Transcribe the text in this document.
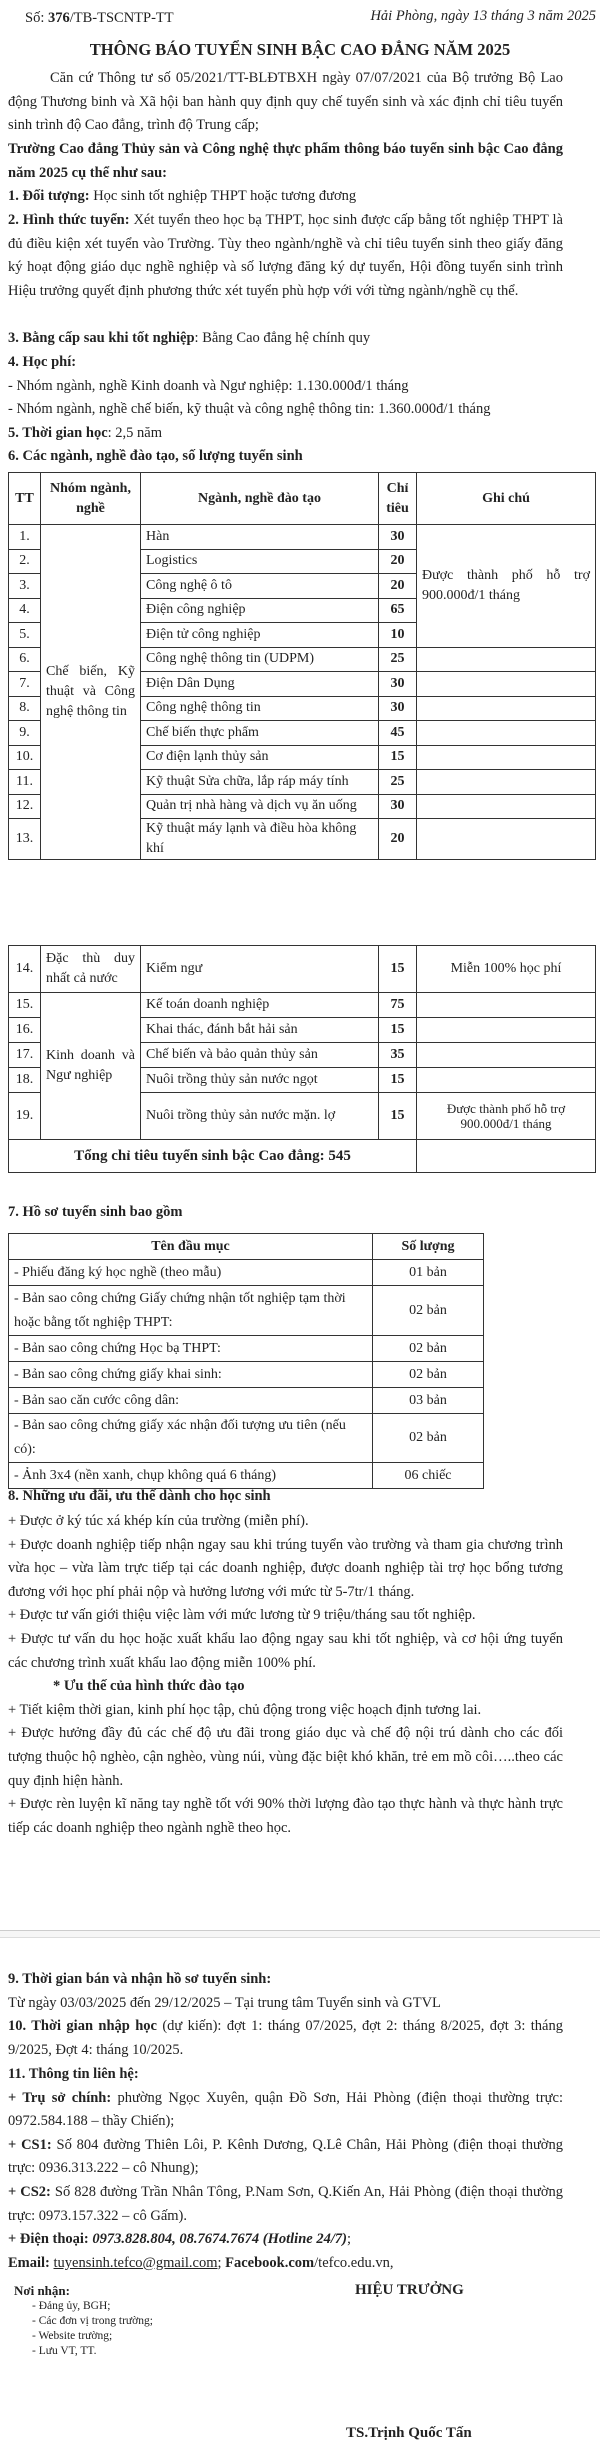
Số: 376/TB-TSCNTP-TT	Hải Phòng, ngày 13 tháng 3 năm 2025
THÔNG BÁO TUYỂN SINH BẬC CAO ĐẲNG NĂM 2025
Căn cứ Thông tư số 05/2021/TT-BLĐTBXH ngày 07/07/2021 của Bộ trưởng Bộ Lao động Thương binh và Xã hội ban hành quy định quy chế tuyển sinh và xác định chỉ tiêu tuyển sinh trình độ Cao đẳng, trình độ Trung cấp;
Trường Cao đẳng Thủy sản và Công nghệ thực phẩm thông báo tuyển sinh bậc Cao đẳng năm 2025 cụ thể như sau:
1. Đối tượng: Học sinh tốt nghiệp THPT hoặc tương đương
2. Hình thức tuyển: Xét tuyển theo học bạ THPT, học sinh được cấp bằng tốt nghiệp THPT là đủ điều kiện xét tuyển vào Trường. Tùy theo ngành/nghề và chỉ tiêu tuyển sinh theo giấy đăng ký hoạt động giáo dục nghề nghiệp và số lượng đăng ký dự tuyển, Hội đồng tuyển sinh trình Hiệu trưởng quyết định phương thức xét tuyển phù hợp với với từng ngành/nghề cụ thể.
3. Bằng cấp sau khi tốt nghiệp: Bằng Cao đẳng hệ chính quy
4. Học phí:
- Nhóm ngành, nghề Kinh doanh và Ngư nghiệp: 1.130.000đ/1 tháng
- Nhóm ngành, nghề chế biến, kỹ thuật và công nghệ thông tin: 1.360.000đ/1 tháng
5. Thời gian học: 2,5 năm
6. Các ngành, nghề đào tạo, số lượng tuyển sinh
TT	Nhóm ngành, nghề	Ngành, nghề đào tạo	Chỉ tiêu	Ghi chú
1.	Chế biến, Kỹ thuật và Công nghệ thông tin	Hàn	30	Được thành phố hỗ trợ 900.000đ/1 tháng
2.		Logistics	20	
3.		Công nghệ ô tô	20	
4.		Điện công nghiệp	65	
5.		Điện tử công nghiệp	10	
6.		Công nghệ thông tin (UDPM)	25	
7.		Điện Dân Dụng	30	
8.		Công nghệ thông tin	30	
9.		Chế biến thực phẩm	45	
10.		Cơ điện lạnh thủy sản	15	
11.		Kỹ thuật Sửa chữa, lắp ráp máy tính	25	
12.		Quản trị nhà hàng và dịch vụ ăn uống	30	
13.		Kỹ thuật máy lạnh và điều hòa không khí	20	
14.	Đặc thù duy nhất cả nước	Kiểm ngư	15	Miễn 100% học phí
15.	Kinh doanh và Ngư nghiệp	Kế toán doanh nghiệp	75	
16.		Khai thác, đánh bắt hải sản	15	
17.		Chế biến và bảo quản thủy sản	35	
18.		Nuôi trồng thủy sản nước ngọt	15	
19.		Nuôi trồng thủy sản nước mặn. lợ	15	Được thành phố hỗ trợ 900.000đ/1 tháng
Tổng chỉ tiêu tuyển sinh bậc Cao đẳng: 545				
7. Hồ sơ tuyển sinh bao gồm
Tên đầu mục	Số lượng
- Phiếu đăng ký học nghề (theo mẫu)	01 bản
- Bản sao công chứng Giấy chứng nhận tốt nghiệp tạm thời hoặc bằng tốt nghiệp THPT:	02 bản
- Bản sao công chứng Học bạ THPT:	02 bản
- Bản sao công chứng giấy khai sinh:	02 bản
- Bản sao căn cước công dân:	03 bản
- Bản sao công chứng giấy xác nhận đối tượng ưu tiên (nếu có):	02 bản
- Ảnh 3x4 (nền xanh, chụp không quá 6 tháng)	06 chiếc
8. Những ưu đãi, ưu thế dành cho học sinh
+ Được ở ký túc xá khép kín của trường (miễn phí).
+ Được doanh nghiệp tiếp nhận ngay sau khi trúng tuyển vào trường và tham gia chương trình vừa học – vừa làm trực tiếp tại các doanh nghiệp, được doanh nghiệp tài trợ học bổng tương đương với học phí phải nộp và hưởng lương với mức từ 5-7tr/1 tháng.
+ Được tư vấn giới thiệu việc làm với mức lương từ 9 triệu/tháng sau tốt nghiệp.
+ Được tư vấn du học hoặc xuất khẩu lao động ngay sau khi tốt nghiệp, và cơ hội ứng tuyển các chương trình xuất khẩu lao động miễn 100% phí.
* Ưu thế của hình thức đào tạo
+ Tiết kiệm thời gian, kinh phí học tập, chủ động trong việc hoạch định tương lai.
+ Được hưởng đầy đủ các chế độ ưu đãi trong giáo dục và chế độ nội trú dành cho các đối tượng thuộc hộ nghèo, cận nghèo, vùng núi, vùng đặc biệt khó khăn, trẻ em mồ côi…..theo các quy định hiện hành.
+ Được rèn luyện kĩ năng tay nghề tốt với 90% thời lượng đào tạo thực hành và thực hành trực tiếp các doanh nghiệp theo ngành nghề theo học.
9. Thời gian bán và nhận hồ sơ tuyển sinh:
Từ ngày 03/03/2025 đến 29/12/2025 – Tại trung tâm Tuyển sinh và GTVL
10. Thời gian nhập học (dự kiến): đợt 1: tháng 07/2025, đợt 2: tháng 8/2025, đợt 3: tháng 9/2025, Đợt 4: tháng 10/2025.
11. Thông tin liên hệ:
+ Trụ sở chính: phường Ngọc Xuyên, quận Đồ Sơn, Hải Phòng (điện thoại thường trực: 0972.584.188 – thầy Chiến);
+ CS1: Số 804 đường Thiên Lôi, P. Kênh Dương, Q.Lê Chân, Hải Phòng (điện thoại thường trực: 0936.313.222 – cô Nhung);
+ CS2: Số 828 đường Trần Nhân Tông, P.Nam Sơn, Q.Kiến An, Hải Phòng (điện thoại thường trực: 0973.157.322 – cô Gấm).
+ Điện thoại: 0973.828.804, 08.7674.7674 (Hotline 24/7);
Email: tuyensinh.tefco@gmail.com; Facebook.com/tefco.edu.vn,
Nơi nhận:
- Đảng ủy, BGH;
- Các đơn vị trong trường;
- Website trường;
- Lưu VT, TT.
HIỆU TRƯỞNG
TS.Trịnh Quốc Tấn
